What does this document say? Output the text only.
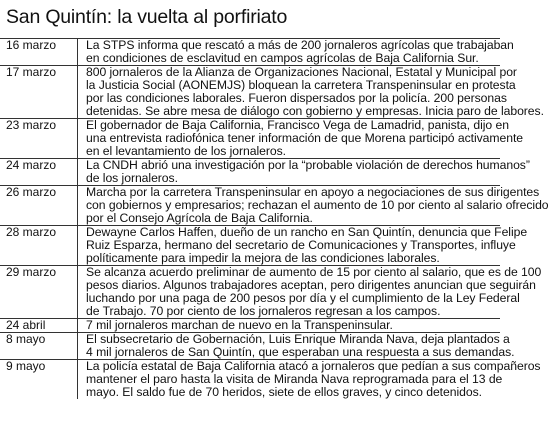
San Quintín: la vuelta al porfiriato
16 marzo La STPS informa que rescató a más de 200 jornaleros agrícolas que trabajaban
en condiciones de esclavitud en campos agrícolas de Baja California Sur.
17 marzo 800 jornaleros de la Alianza de Organizaciones Nacional, Estatal y Municipal por
la Justicia Social (AONEMJS) bloquean la carretera Transpeninsular en protesta
por las condiciones laborales. Fueron dispersados por la policía. 200 personas
detenidas. Se abre mesa de diálogo con gobierno y empresas. Inicia paro de labores.
23 marzo El gobernador de Baja California, Francisco Vega de Lamadrid, panista, dijo en
una entrevista radiofónica tener información de que Morena participó activamente
en el levantamiento de los jornaleros.
24 marzo La CNDH abrió una investigación por la “probable violación de derechos humanos”
de los jornaleros.
26 marzo Marcha por la carretera Transpeninsular en apoyo a negociaciones de sus dirigentes
con gobiernos y empresarios; rechazan el aumento de 10 por ciento al salario ofrecido
por el Consejo Agrícola de Baja California.
28 marzo Dewayne Carlos Haffen, dueño de un rancho en San Quintín, denuncia que Felipe
Ruiz Esparza, hermano del secretario de Comunicaciones y Transportes, influye
políticamente para impedir la mejora de las condiciones laborales.
29 marzo Se alcanza acuerdo preliminar de aumento de 15 por ciento al salario, que es de 100
pesos diarios. Algunos trabajadores aceptan, pero dirigentes anuncian que seguirán
luchando por una paga de 200 pesos por día y el cumplimiento de la Ley Federal
de Trabajo. 70 por ciento de los jornaleros regresan a los campos.
24 abril	7 mil jornaleros marchan de nuevo en la Transpeninsular.
8 mayo	El subsecretario de Gobernación, Luis Enrique Miranda Nava, deja plantados a
4 mil jornaleros de San Quintín, que esperaban una respuesta a sus demandas.
9 mayo	La policía estatal de Baja California atacó a jornaleros que pedían a sus compañeros
mantener el paro hasta la visita de Miranda Nava reprogramada para el 13 de
mayo. El saldo fue de 70 heridos, siete de ellos graves, y cinco detenidos.
